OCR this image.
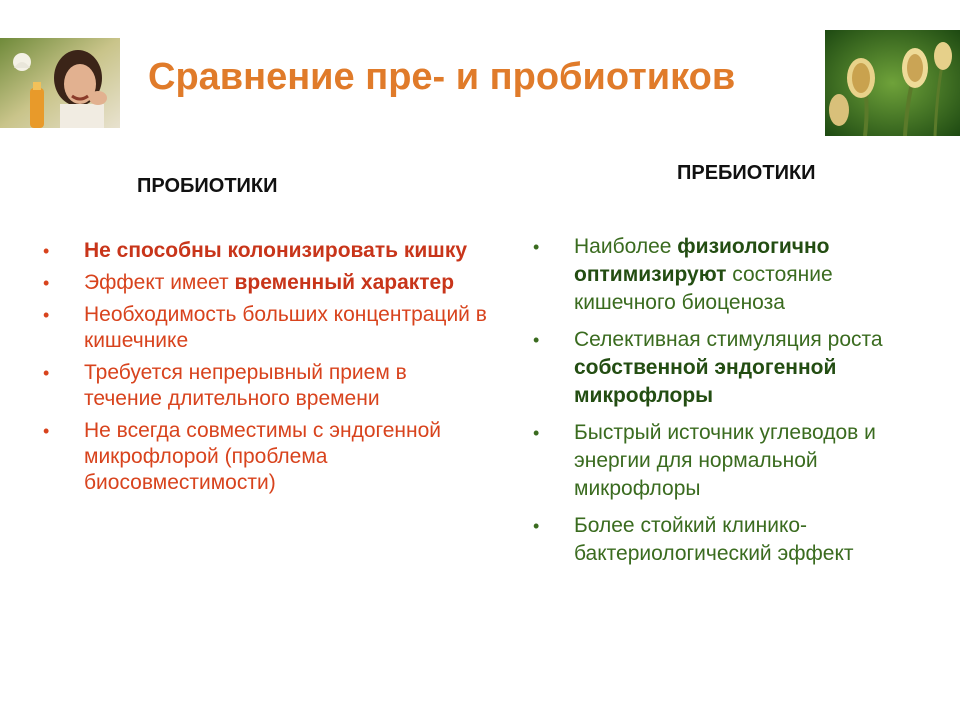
Сравнение пре- и пробиотиков
ПРОБИОТИКИ
ПРЕБИОТИКИ
• Не способны колонизировать кишку
• Эффект имеет временный характер
• Необходимость больших концентраций в кишечнике
• Требуется непрерывный прием в течение длительного времени
• Не всегда совместимы с эндогенной микрофлорой (проблема биосовместимости)
• Наиболее физиологично оптимизируют состояние кишечного биоценоза
• Селективная стимуляция роста собственной эндогенной микрофлоры
• Быстрый источник углеводов и энергии для нормальной микрофлоры
• Более стойкий клинико-бактериологический эффект
